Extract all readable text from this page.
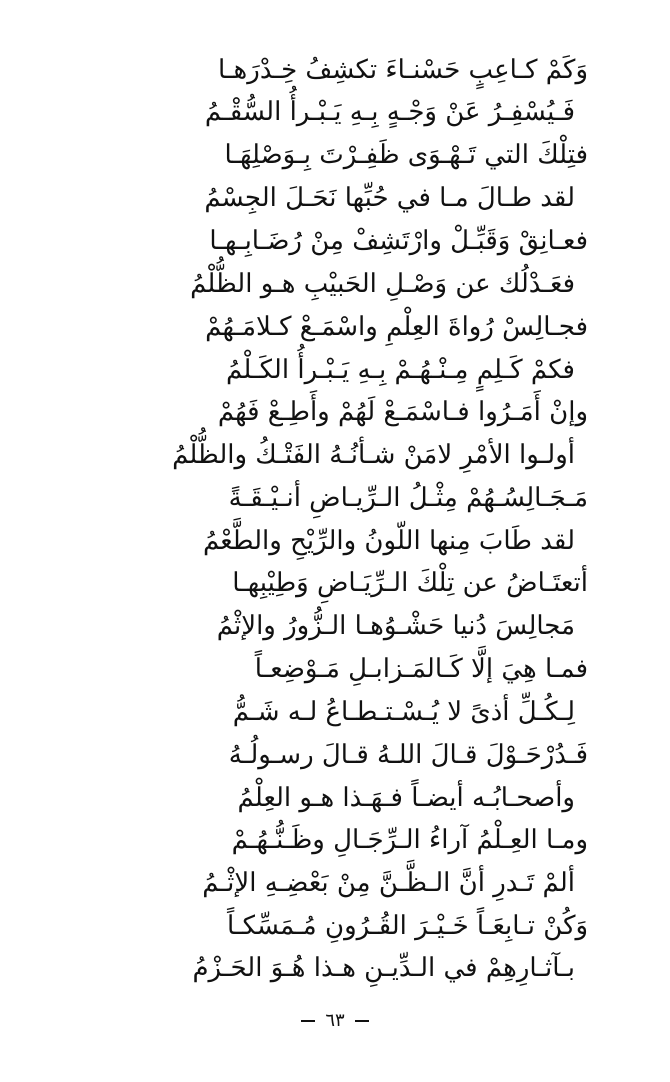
وَكَمْ كـاعِبٍ حَسْنـاءَ تكشِفُ خِـدْرَهـا
فَـيُسْفِـرُ عَنْ وَجْـهٍ بِـهِ يَـبْـرأُ السُّقْـمُ
فتِلْكَ التي تَـهْـوَى ظَفِـرْتَ بِـوَصْلِهَـا
لقد طـالَ مـا في حُبِّها نَحَـلَ الجِسْمُ
فعـانِقْ وَقَبِّـلْ وارْتَشِفْ مِنْ رُضَـابِـهـا
فعَـدْلُك عن وَصْـلِ الحَبيْبِ هـو الظُّلْمُ
فجـالِسْ رُواةَ العِلْمِ واسْمَـعْ كـلامَـهُمْ
فكمْ كَـلِمٍ مِـنْـهُـمْ بِـهِ يَـبْـرأُ الكَـلْمُ
وإنْ أَمَـرُوا فـاسْمَـعْ لَهُمْ وأَطِـعْ فَهُمْ
أولـوا الأمْرِ لامَنْ شـأنُـهُ الفَتْـكُ والظُّلْمُ
مَـجَـالِسُـهُمْ مِثْـلُ الـرِّيـاضِ أنـيْـقَـةً
لقد طَابَ مِنها اللّونُ والرِّيْحِ والطَّعْمُ
أتعتَـاضُ عن تِلْكَ الـرِّيَـاضِ وَطِيْبِهـا
مَجالِسَ دُنيا حَشْـوُهـا الـزُّورُ والإثْمُ
فمـا هِيَ إلَّا كَـالمَـزابـلِ مَـوْضِعـاً
لِـكُـلِّ أذىً لا يُـسْـتـطـاعُ لـه شَـمُّ
فَـدُرْحَـوْلَ قـالَ اللـهُ قـالَ رسـولُـهُ
وأصحـابُـه أيضـاً فـهَـذا هـو العِلْمُ
ومـا العِـلْمُ آراءُ الـرِّجَـالِ وظَـنُّـهُـمْ
ألمْ تَـدرِ أنَّ الـظَّـنَّ مِنْ بَعْضِـهِ الإثْـمُ
وَكُنْ تـابِعَـاً خَـيْـرَ القُـرُونِ مُـمَسِّكـاً
بـآثـارِهِمْ في الـدِّيـنِ هـذا هُـوَ الحَـزْمُ
٦٣
